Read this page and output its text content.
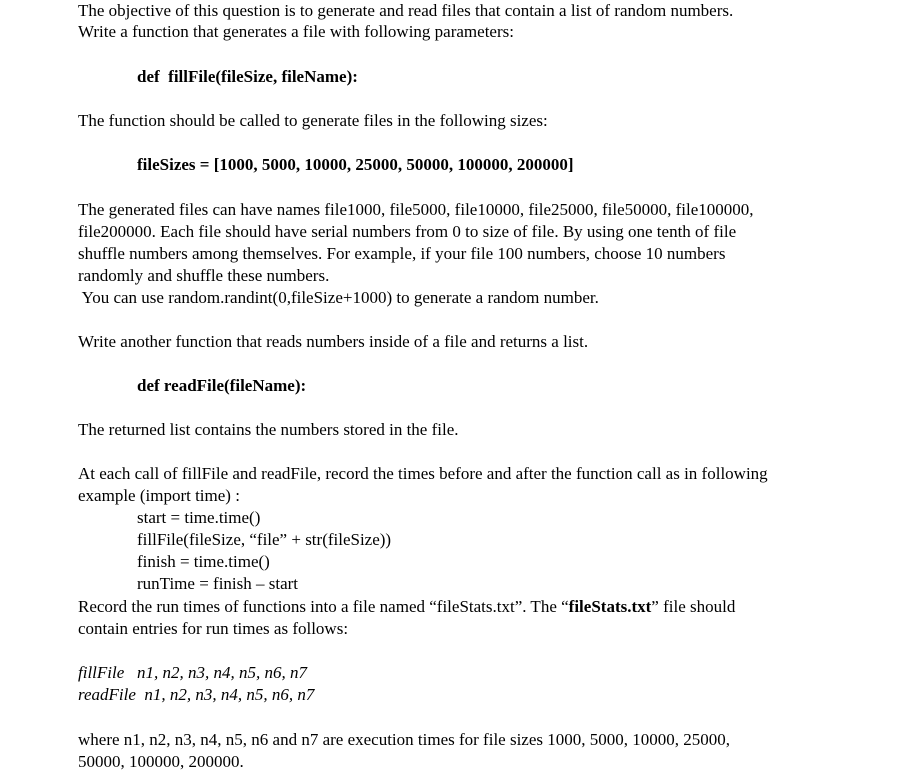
The objective of this question is to generate and read files that contain a list of random numbers.

Write a function that generates a file with following parameters:

def  fillFile(fileSize, fileName):

The function should be called to generate files in the following sizes:

fileSizes = [1000, 5000, 10000, 25000, 50000, 100000, 200000]

The generated files can have names file1000, file5000, file10000, file25000, file50000, file100000,

file200000. Each file should have serial numbers from 0 to size of file. By using one tenth of file

shuffle numbers among themselves. For example, if your file 100 numbers, choose 10 numbers

randomly and shuffle these numbers.

You can use random.randint(0,fileSize+1000) to generate a random number.

Write another function that reads numbers inside of a file and returns a list.

def readFile(fileName):

The returned list contains the numbers stored in the file.

At each call of fillFile and readFile, record the times before and after the function call as in following

example (import time) :

start = time.time()

fillFile(fileSize, “file” + str(fileSize))

finish = time.time()

runTime = finish – start

Record the run times of functions into a file named “fileStats.txt”. The “fileStats.txt” file should

contain entries for run times as follows:

fillFile   n1, n2, n3, n4, n5, n6, n7

readFile  n1, n2, n3, n4, n5, n6, n7

where n1, n2, n3, n4, n5, n6 and n7 are execution times for file sizes 1000, 5000, 10000, 25000,

50000, 100000, 200000.
